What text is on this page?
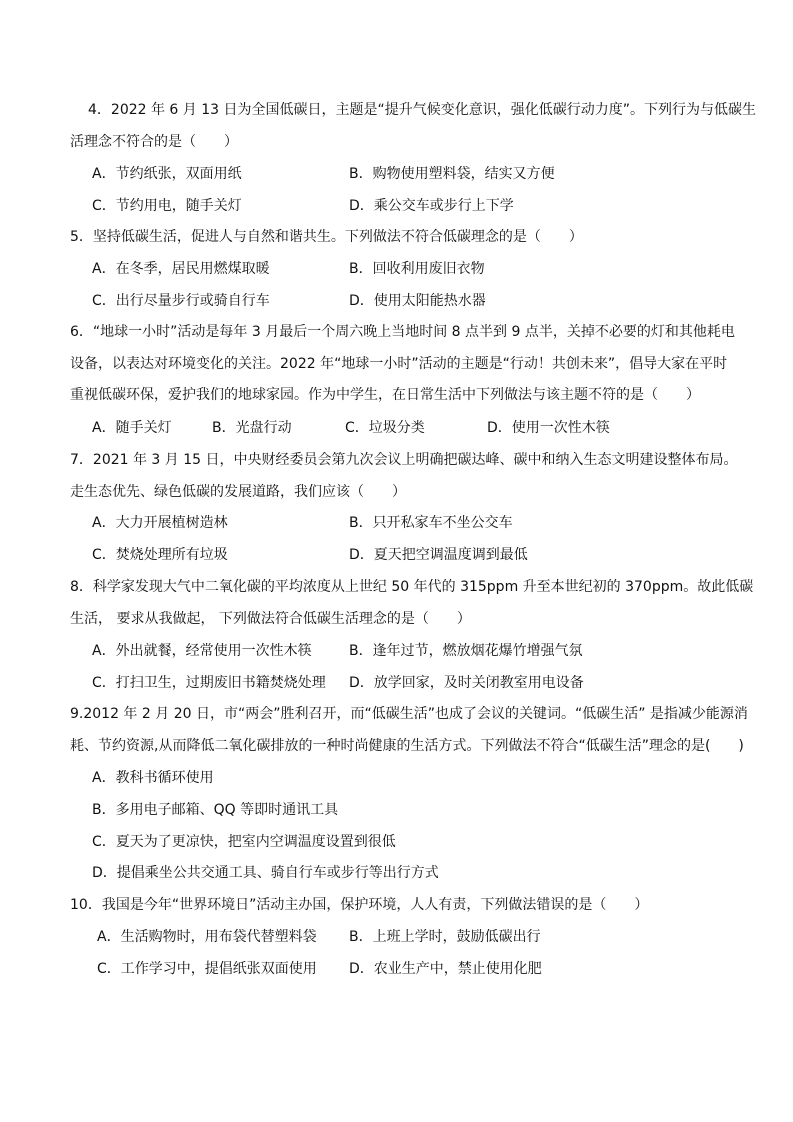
4．2022 年 6 月 13 日为全国低碳日，主题是“提升气候变化意识，强化低碳行动力度”。下列行为与低碳生
活理念不符合的是（　　）
A．节约纸张，双面用纸	B．购物使用塑料袋，结实又方便
C．节约用电，随手关灯	D．乘公交车或步行上下学
5．坚持低碳生活，促进人与自然和谐共生。下列做法不符合低碳理念的是（　　）
A．在冬季，居民用燃煤取暖	B．回收利用废旧衣物
C．出行尽量步行或骑自行车	D．使用太阳能热水器
6．“地球一小时”活动是每年 3 月最后一个周六晚上当地时间 8 点半到 9 点半，关掉不必要的灯和其他耗电
设备，以表达对环境变化的关注。2022 年“地球一小时”活动的主题是“行动！共创未来”，倡导大家在平时
重视低碳环保，爱护我们的地球家园。作为中学生，在日常生活中下列做法与该主题不符的是（　　）
A．随手关灯	B．光盘行动	C．垃圾分类	D．使用一次性木筷
7．2021 年 3 月 15 日，中央财经委员会第九次会议上明确把碳达峰、碳中和纳入生态文明建设整体布局。
走生态优先、绿色低碳的发展道路，我们应该（　　）
A．大力开展植树造林	B．只开私家车不坐公交车
C．焚烧处理所有垃圾	D．夏天把空调温度调到最低
8．科学家发现大气中二氧化碳的平均浓度从上世纪 50 年代的 315ppm 升至本世纪初的 370ppm。故此低碳
生活， 要求从我做起， 下列做法符合低碳生活理念的是（　　）
A．外出就餐，经常使用一次性木筷	B．逢年过节，燃放烟花爆竹增强气氛
C．打扫卫生，过期废旧书籍焚烧处理 D．放学回家，及时关闭教室用电设备
9.2012 年 2 月 20 日，市“两会”胜利召开，而“低碳生活”也成了会议的关键词。“低碳生活” 是指减少能源消
耗、节约资源,从而降低二氧化碳排放的一种时尚健康的生活方式。下列做法不符合“低碳生活”理念的是(　　)
A．教科书循环使用
B．多用电子邮箱、QQ 等即时通讯工具
C．夏天为了更凉快，把室内空调温度设置到很低
D．提倡乘坐公共交通工具、骑自行车或步行等出行方式
10．我国是今年“世界环境日”活动主办国，保护环境，人人有责，下列做法错误的是（　　）
A．生活购物时，用布袋代替塑料袋 B．上班上学时，鼓励低碳出行
C．工作学习中，提倡纸张双面使用 D．农业生产中，禁止使用化肥
